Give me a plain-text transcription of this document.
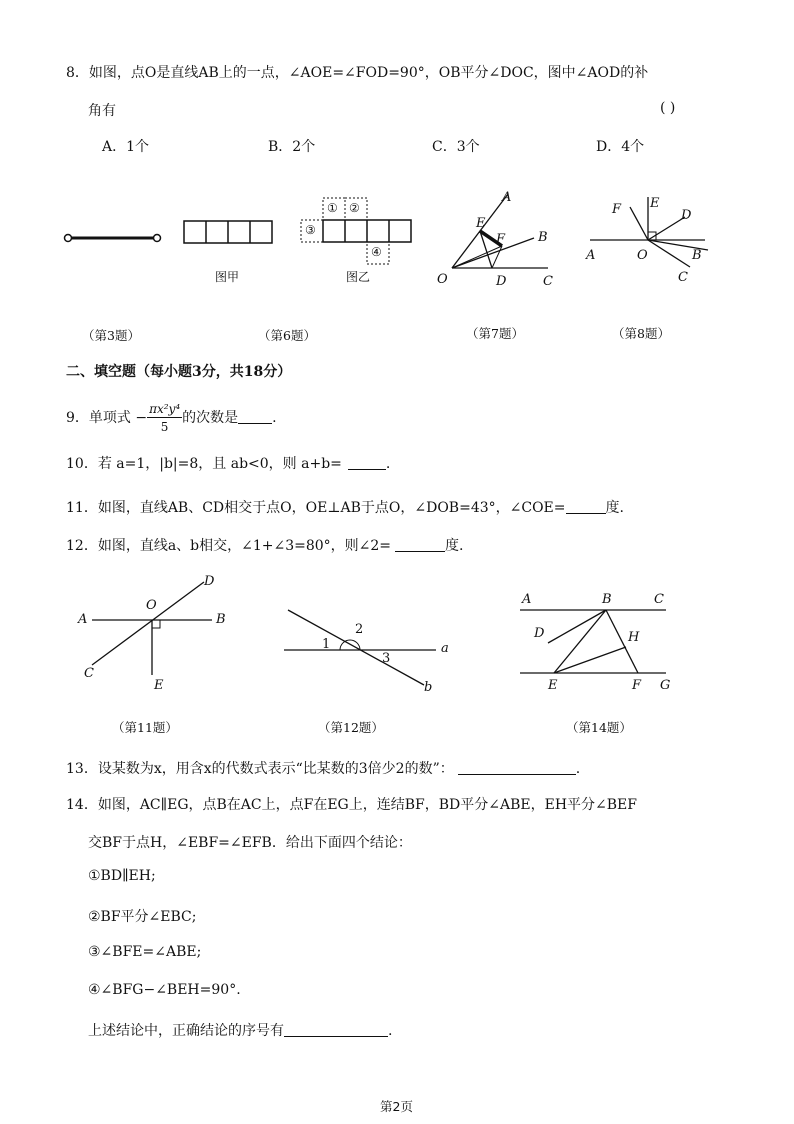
8．如图，点O是直线AB上的一点，∠AOE=∠FOD=90°，OB平分∠DOC，图中∠AOD的补
角有	( )
A．1个	B．2个	C．3个	D．4个
图甲
① ②
③
④
图乙
A
E
F	B
O	D	C
F E
D
A	O	B
C
（第3题）	（第6题）	（第7题）	（第8题）
二、填空题（每小题3分，共18分）
9．单项式 − $\frac{\text{πx²y⁴}}{5}$ 的次数是 .
10．若 a=1，|b|=8，且 ab<0，则 a+b=	.
11．如图，直线AB、CD相交于点O，OE⊥AB于点O，∠DOB=43°，∠COE=	度.
12．如图，直线a、b相交，∠1+∠3=80°，则∠2=	度.
D
A
O
B
C
E
1
2
3
a
b
A	B	C
D	H
E	F G
（第11题）	（第12题）	（第14题）
13．设某数为x，用含x的代数式表示“比某数的3倍少2的数”：	.
14．如图，AC∥EG，点B在AC上，点F在EG上，连结BF，BD平分∠ABE，EH平分∠BEF
交BF于点H，∠EBF=∠EFB．给出下面四个结论：
①BD∥EH;
②BF平分∠EBC;
③∠BFE=∠ABE;
④∠BFG−∠BEH=90°.
上述结论中，正确结论的序号有	.
第2页
